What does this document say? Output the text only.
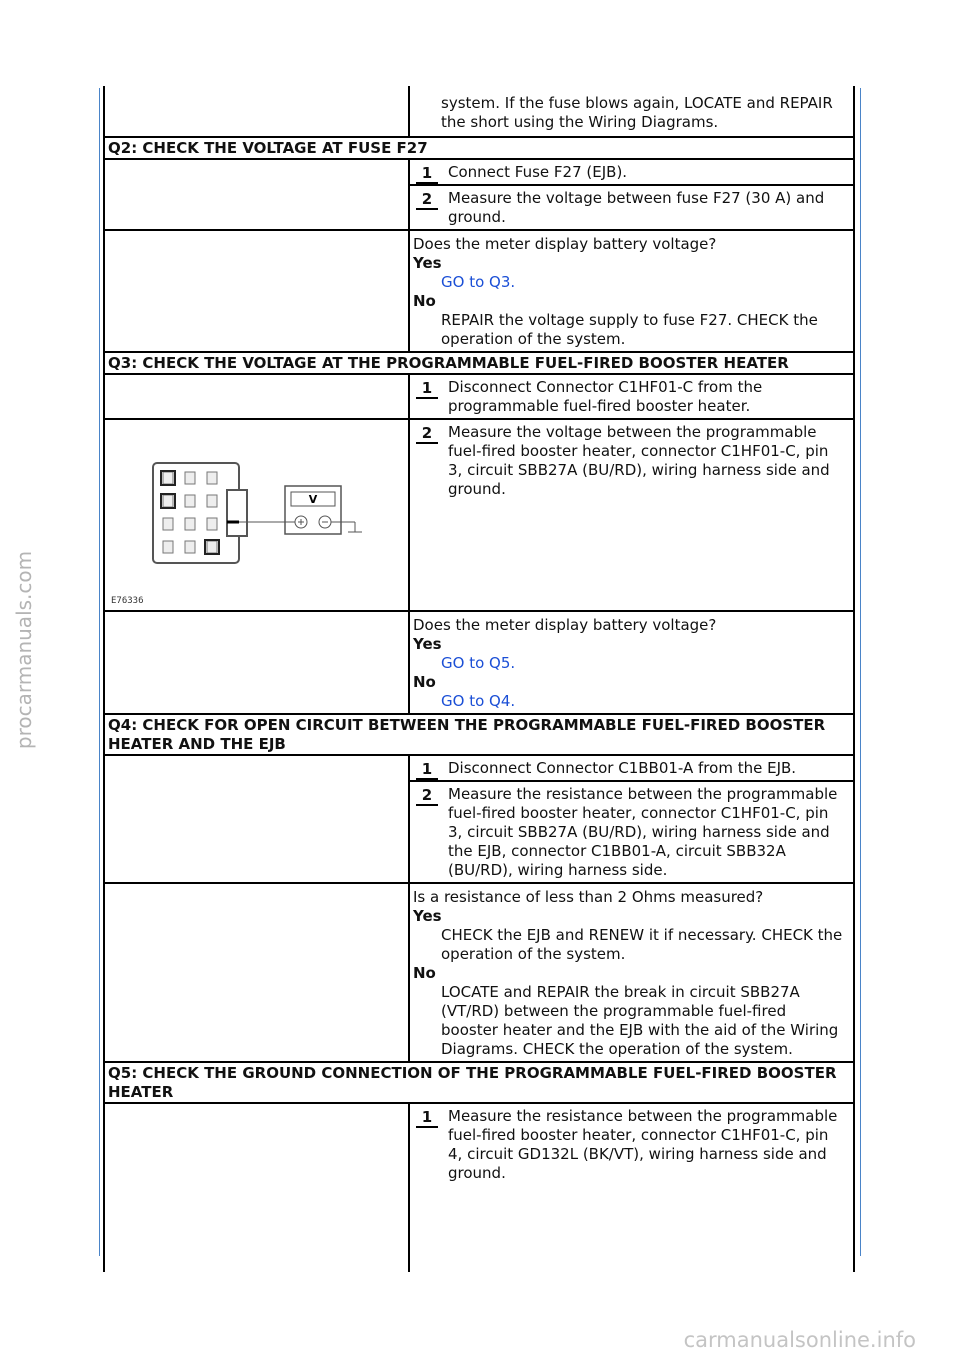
procarmanuals.com
carmanualsonline.info
system. If the fuse blows again, LOCATE and REPAIR the short using the Wiring Diagrams.
Q2: CHECK THE VOLTAGE AT FUSE F27
1	Connect Fuse F27 (EJB).
2	Measure the voltage between fuse F27 (30 A) and ground.
Does the meter display battery voltage?
Yes
GO to Q3.
No
REPAIR the voltage supply to fuse F27. CHECK the operation of the system.
Q3: CHECK THE VOLTAGE AT THE PROGRAMMABLE FUEL-FIRED BOOSTER HEATER
1	Disconnect Connector C1HF01-C from the programmable fuel-fired booster heater.
V
E76336
2	Measure the voltage between the programmable fuel-fired booster heater, connector C1HF01-C, pin 3, circuit SBB27A (BU/RD), wiring harness side and ground.
Does the meter display battery voltage?
Yes
GO to Q5.
No
GO to Q4.
Q4: CHECK FOR OPEN CIRCUIT BETWEEN THE PROGRAMMABLE FUEL-FIRED BOOSTER HEATER AND THE EJB
1	Disconnect Connector C1BB01-A from the EJB.
2	Measure the resistance between the programmable fuel-fired booster heater, connector C1HF01-C, pin 3, circuit SBB27A (BU/RD), wiring harness side and the EJB, connector C1BB01-A, circuit SBB32A (BU/RD), wiring harness side.
Is a resistance of less than 2 Ohms measured?
Yes
CHECK the EJB and RENEW it if necessary. CHECK the operation of the system.
No
LOCATE and REPAIR the break in circuit SBB27A (VT/RD) between the programmable fuel-fired booster heater and the EJB with the aid of the Wiring Diagrams. CHECK the operation of the system.
Q5: CHECK THE GROUND CONNECTION OF THE PROGRAMMABLE FUEL-FIRED BOOSTER HEATER
1	Measure the resistance between the programmable fuel-fired booster heater, connector C1HF01-C, pin 4, circuit GD132L (BK/VT), wiring harness side and ground.
